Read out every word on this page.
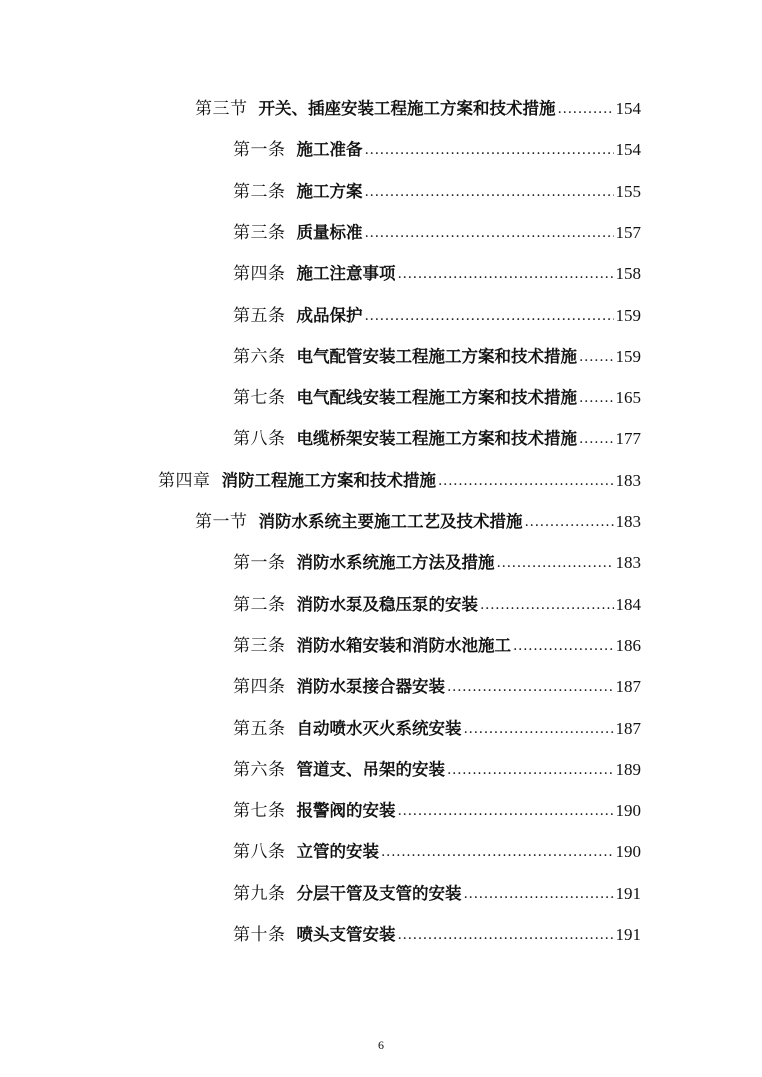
第三节 开关、插座安装工程施工方案和技术措施 .....	154
第一条 施工准备 .....	154
第二条 施工方案 .....	155
第三条 质量标准 .....	157
第四条 施工注意事项 .....	158
第五条 成品保护 .....	159
第六条 电气配管安装工程施工方案和技术措施 ..... 159
第七条 电气配线安装工程施工方案和技术措施 ..... 165
第八条 电缆桥架安装工程施工方案和技术措施 ..... 177
第四章 消防工程施工方案和技术措施 .....	183
第一节 消防水系统主要施工工艺及技术措施 .....	183
第一条 消防水系统施工方法及措施 .....	183
第二条 消防水泵及稳压泵的安装 .....	184
第三条 消防水箱安装和消防水池施工 .....	186
第四条 消防水泵接合器安装 .....	187
第五条 自动喷水灭火系统安装 .....	187
第六条 管道支、吊架的安装 .....	189
第七条 报警阀的安装 .....	190
第八条 立管的安装 .....	190
第九条 分层干管及支管的安装 .....	191
第十条 喷头支管安装 .....	191
6
